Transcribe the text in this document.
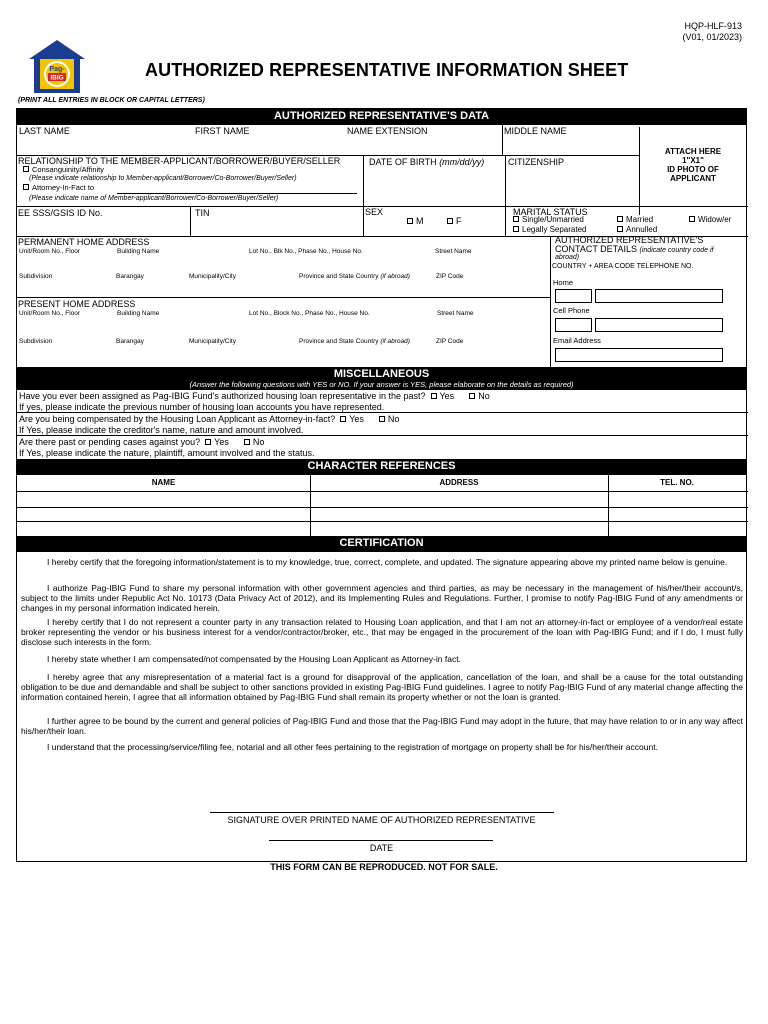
HQP-HLF-913
(V01, 01/2023)
Pag-
IBIG	AUTHORIZED REPRESENTATIVE INFORMATION SHEET
(PRINT ALL ENTRIES IN BLOCK OR CAPITAL LETTERS)
AUTHORIZED REPRESENTATIVE'S DATA
LAST NAME	FIRST NAME	NAME EXTENSION	MIDDLE NAME
ATTACH HERE
1"X1"
ID PHOTO OF
APPLICANT
RELATIONSHIP TO THE MEMBER-APPLICANT/BORROWER/BUYER/SELLER
Consanguinity/Affinity
(Please indicate relationship to Member-applicant/Borrower/Co-Borrower/Buyer/Seller)
Attorney-In-Fact to
(Please indicate name of Member-applicant/Borrower/Co-Borrower/Buyer/Seller)
DATE OF BIRTH (mm/dd/yy)	CITIZENSHIP
EE SSS/GSIS ID No.	TIN	SEX
M	F
MARITAL STATUS
Single/Unmarried	Married	Widow/er
Legally Separated	Annulled
PERMANENT HOME ADDRESS
Unit/Room No., Floor	Building Name	Lot No., Blk No., Phase No., House No.	Street Name
Subdivision	Barangay	Municipality/City	Province and State Country (if abroad)	ZIP Code
PRESENT HOME ADDRESS
Unit/Room No., Floor	Building Name	Lot No., Block No., Phase No., House No.	Street Name
Subdivision	Barangay	Municipality/City	Province and State Country (if abroad)	ZIP Code
AUTHORIZED REPRESENTATIVE'S
CONTACT DETAILS (indicate country code if
abroad)
COUNTRY + AREA CODE TELEPHONE NO.
Home
Cell Phone
Email Address
MISCELLANEOUS
(Answer the following questions with YES or NO. If your answer is YES, please elaborate on the details as required)
Have you ever been assigned as Pag-IBIG Fund's authorized housing loan representative in the past? Yes	No
If yes, please indicate the previous number of housing loan accounts you have represented.
Are you being compensated by the Housing Loan Applicant as Attorney-in-fact? Yes	No
If Yes, please indicate the creditor's name, nature and amount involved.
Are there past or pending cases against you? Yes	No
If Yes, please indicate the nature, plaintiff, amount involved and the status.
CHARACTER REFERENCES
NAME	ADDRESS	TEL. NO.
CERTIFICATION

I hereby certify that the foregoing information/statement is to my knowledge, true, correct, complete, and updated. The signature appearing above my printed name below is genuine.

I authorize Pag-IBIG Fund to share my personal information with other government agencies and third parties, as may be necessary in the management of his/her/their account/s, subject to the limits under Republic Act No. 10173 (Data Privacy Act of 2012), and its Implementing Rules and Regulations. Further, I promise to notify Pag-IBIG Fund of any amendments or changes in my personal information indicated herein.

I hereby certify that I do not represent a counter party in any transaction related to Housing Loan application, and that I am not an attorney-in-fact or employee of a vendor/real estate broker representing the vendor or his business interest for a vendor/contractor/broker, etc., that may be engaged in the procurement of the loan with Pag-IBIG Fund; and if I do, I must fully disclose such interests in the form.

I hereby state whether I am compensated/not compensated by the Housing Loan Applicant as Attorney-in fact.

I hereby agree that any misrepresentation of a material fact is a ground for disapproval of the application, cancellation of the loan, and shall be a cause for the total outstanding obligation to be due and demandable and shall be subject to other sanctions provided in existing Pag-IBIG Fund guidelines. I agree to notify Pag-IBIG Fund of any material change affecting the information contained herein, I agree that all information obtained by Pag-IBIG Fund shall remain its property whether or not the loan is granted.

I further agree to be bound by the current and general policies of Pag-IBIG Fund and those that the Pag-IBIG Fund may adopt in the future, that may have relation to or in any way affect his/her/their loan.

I understand that the processing/service/filing fee, notarial and all other fees pertaining to the registration of mortgage on property shall be for his/her/their account.

SIGNATURE OVER PRINTED NAME OF AUTHORIZED REPRESENTATIVE
DATE
THIS FORM CAN BE REPRODUCED. NOT FOR SALE.
